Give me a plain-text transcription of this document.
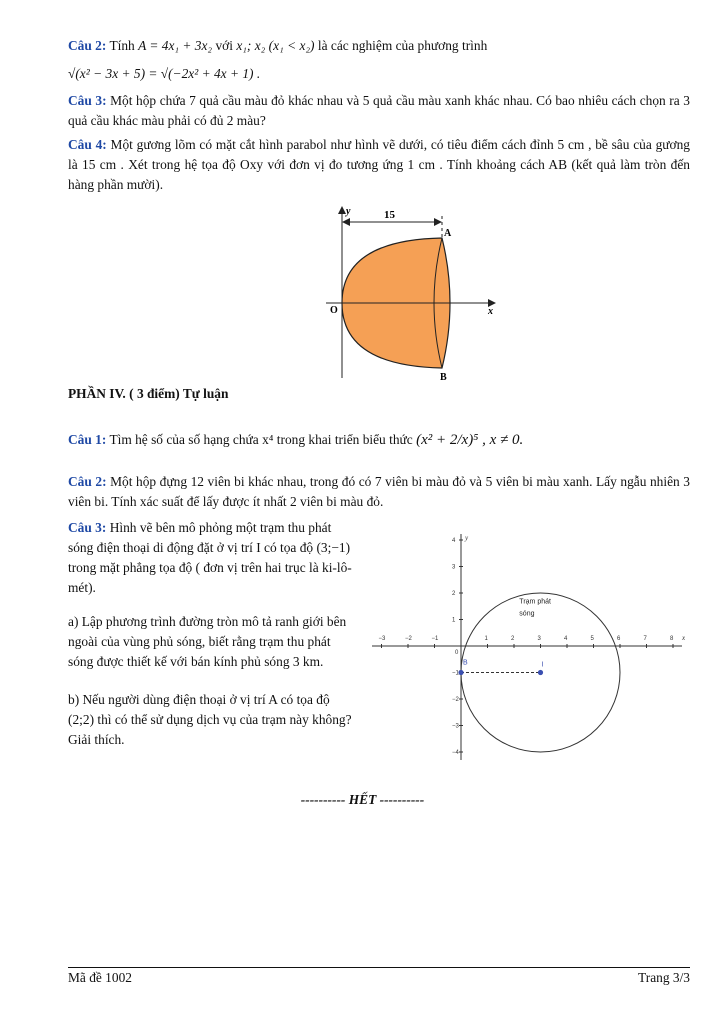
Câu 2: Tính A = 4x₁ + 3x₂ với x₁; x₂ (x₁ < x₂) là các nghiệm của phương trình
√(x² − 3x + 5) = √(−2x² + 4x + 1) .
Câu 3: Một hộp chứa 7 quả cầu màu đỏ khác nhau và 5 quả cầu màu xanh khác nhau. Có bao nhiêu cách chọn ra 3 quả cầu khác màu phải có đủ 2 màu?
Câu 4: Một gương lõm có mặt cắt hình parabol như hình vẽ dưới, có tiêu điểm cách đỉnh 5 cm , bề sâu của gương là 15 cm . Xét trong hệ tọa độ Oxy với đơn vị đo tương ứng 1 cm . Tính khoảng cách AB (kết quả làm tròn đến hàng phần mười).
15
A
B
O	x
y
PHẦN IV. ( 3 điểm) Tự luận
Câu 1: Tìm hệ số của số hạng chứa x⁴ trong khai triển biểu thức (x² + 2/x)⁵ , x ≠ 0.
Câu 2: Một hộp đựng 12 viên bi khác nhau, trong đó có 7 viên bi màu đỏ và 5 viên bi màu xanh. Lấy ngẫu nhiên 3 viên bi. Tính xác suất để lấy được ít nhất 2 viên bi màu đỏ.
Câu 3: Hình vẽ bên mô phỏng một trạm thu phát sóng điện thoại di động đặt ở vị trí I có tọa độ (3;−1) trong mặt phẳng tọa độ ( đơn vị trên hai trục là ki-lô-mét).
a) Lập phương trình đường tròn mô tả ranh giới bên ngoài của vùng phủ sóng, biết rằng trạm thu phát sóng được thiết kế với bán kính phủ sóng 3 km.
b) Nếu người dùng điện thoại ở vị trí A có tọa độ (2;2) thì có thể sử dụng dịch vụ của trạm này không? Giải thích.
−3	−2	−1	1	2	3	4	5	6	7	8
4
3
2
1
−1
−2
−3
−4
0
x
y
I
B
Trạm phát
sóng
---------- HẾT ----------
Mã đề 1002	Trang 3/3
